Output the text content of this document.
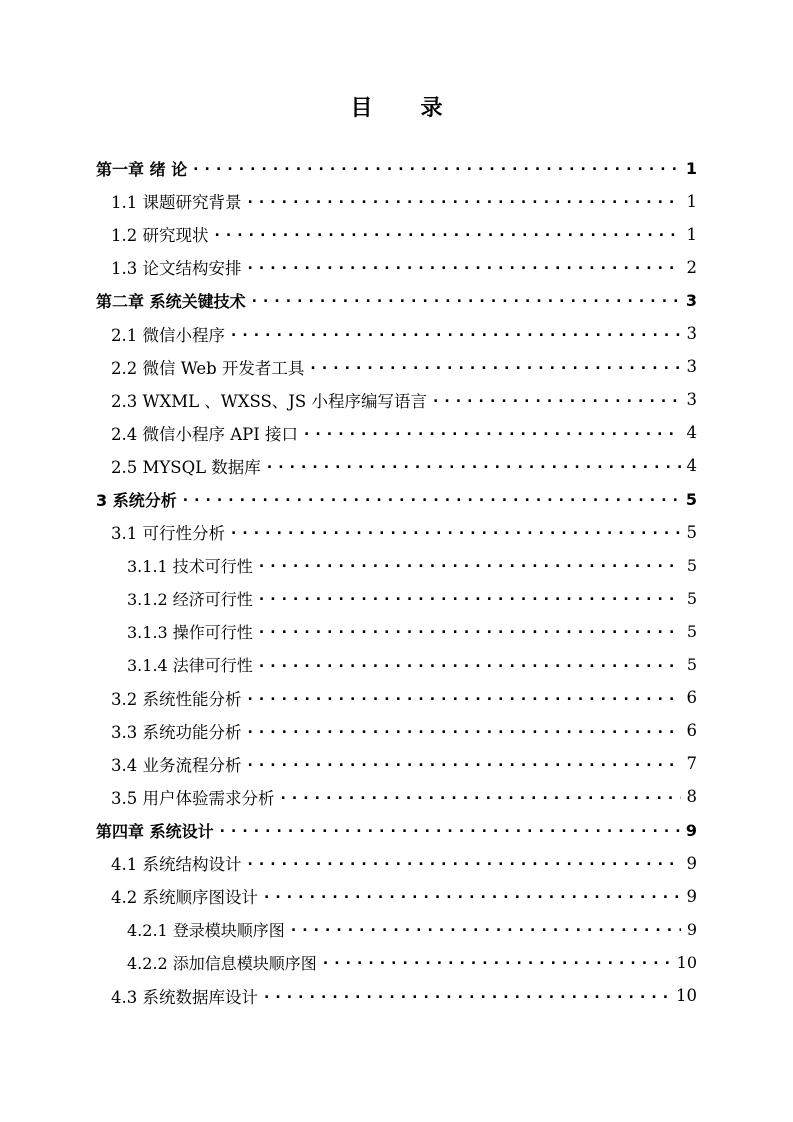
目 录
第一章 绪 论 . . .	1
1.1 课题研究背景 . . .	1
1.2 研究现状 . . .	1
1.3 论文结构安排 . . .	2
第二章 系统关键技术 . . .	3
2.1 微信小程序 . . .	3
2.2 微信 Web 开发者工具 . . .	3
2.3 WXML 、WXSS、JS 小程序编写语言 . . .	3
2.4 微信小程序 API 接口 . . .	4
2.5 MYSQL 数据库 . . .	4
3 系统分析 . . .	5
3.1 可行性分析 . . .	5
3.1.1 技术可行性 . . .	5
3.1.2 经济可行性 . . .	5
3.1.3 操作可行性 . . .	5
3.1.4 法律可行性 . . .	5
3.2 系统性能分析 . . .	6
3.3 系统功能分析 . . .	6
3.4 业务流程分析 . . .	7
3.5 用户体验需求分析 . . .	8
第四章 系统设计 . . .	9
4.1 系统结构设计 . . .	9
4.2 系统顺序图设计 . . .	9
4.2.1 登录模块顺序图 . . .	9
4.2.2 添加信息模块顺序图 . . .	10
4.3 系统数据库设计 . . .	10
